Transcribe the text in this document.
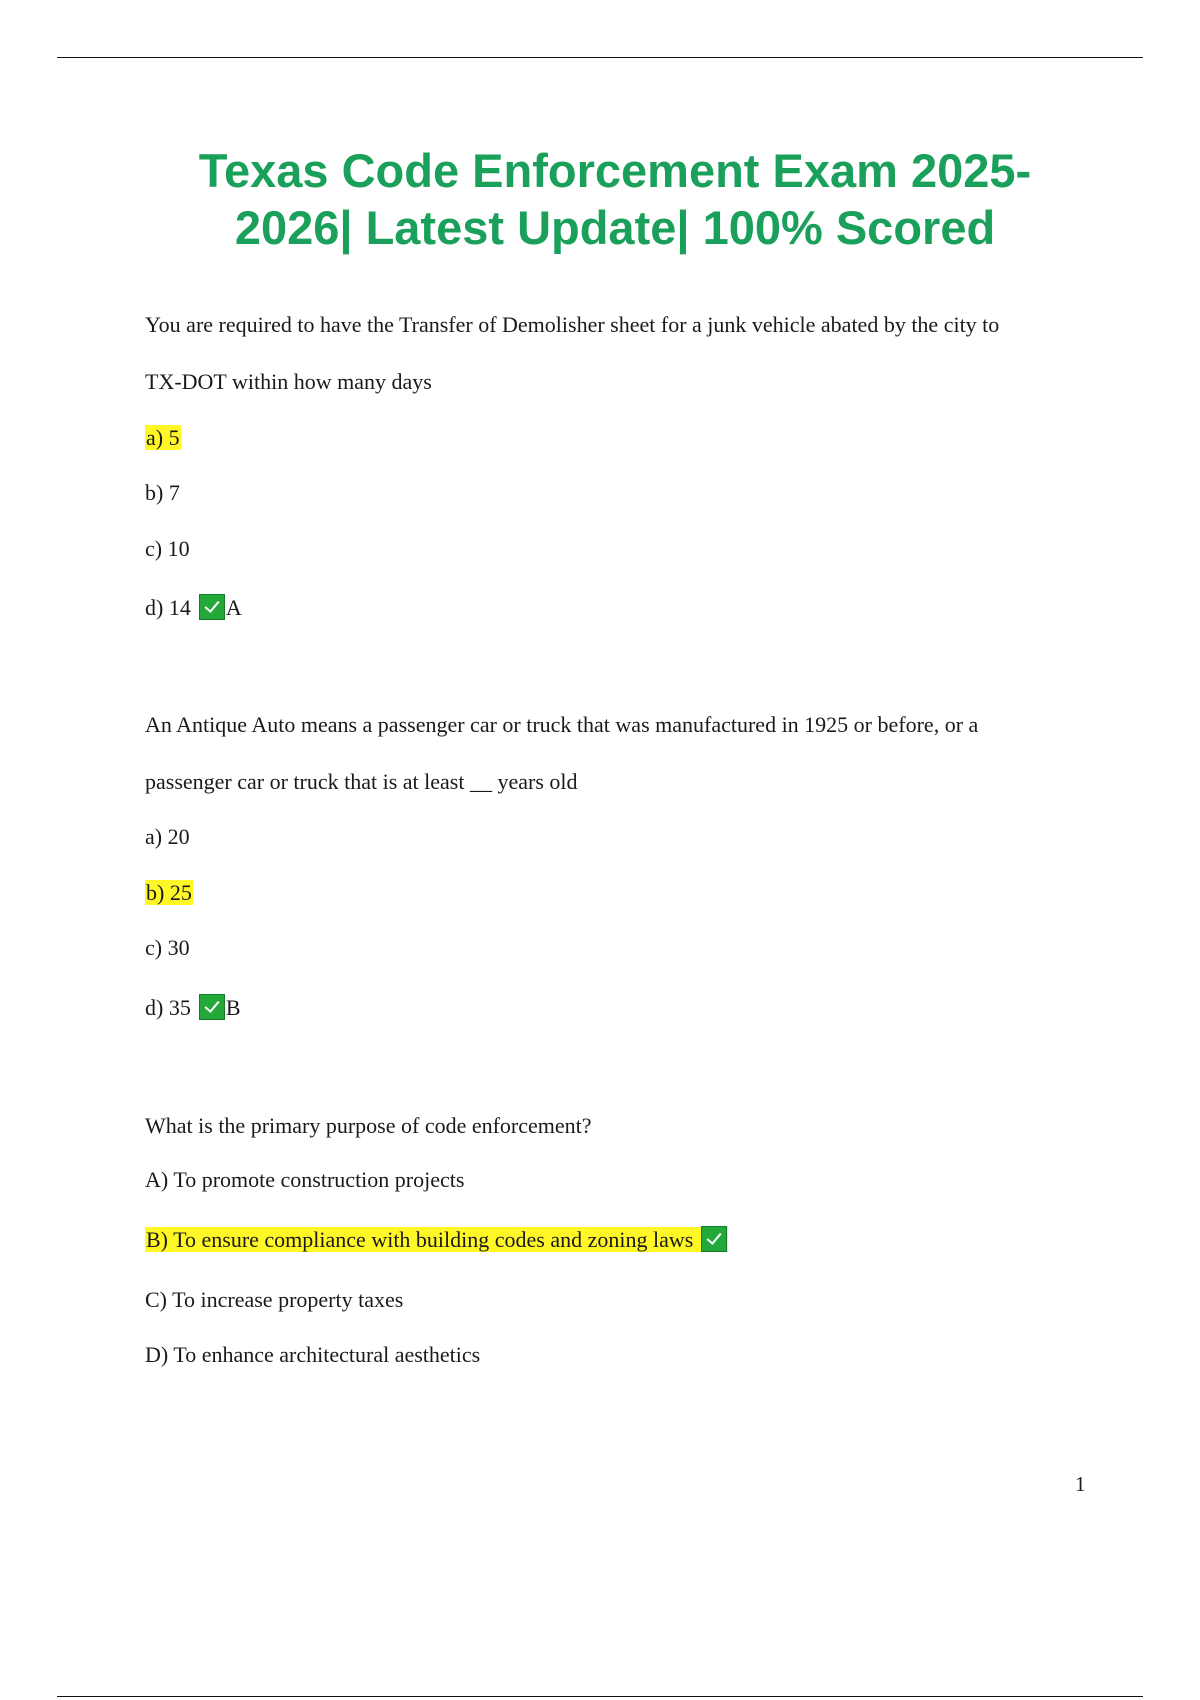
Texas Code Enforcement Exam 2025-
2026| Latest Update| 100% Scored

You are required to have the Transfer of Demolisher sheet for a junk vehicle abated by the city to

TX-DOT within how many days

a) 5

b) 7

c) 10

d) 14 A

An Antique Auto means a passenger car or truck that was manufactured in 1925 or before, or a

passenger car or truck that is at least __ years old

a) 20

b) 25

c) 30

d) 35 B

What is the primary purpose of code enforcement?

A) To promote construction projects

B) To ensure compliance with building codes and zoning laws

C) To increase property taxes

D) To enhance architectural aesthetics

1
